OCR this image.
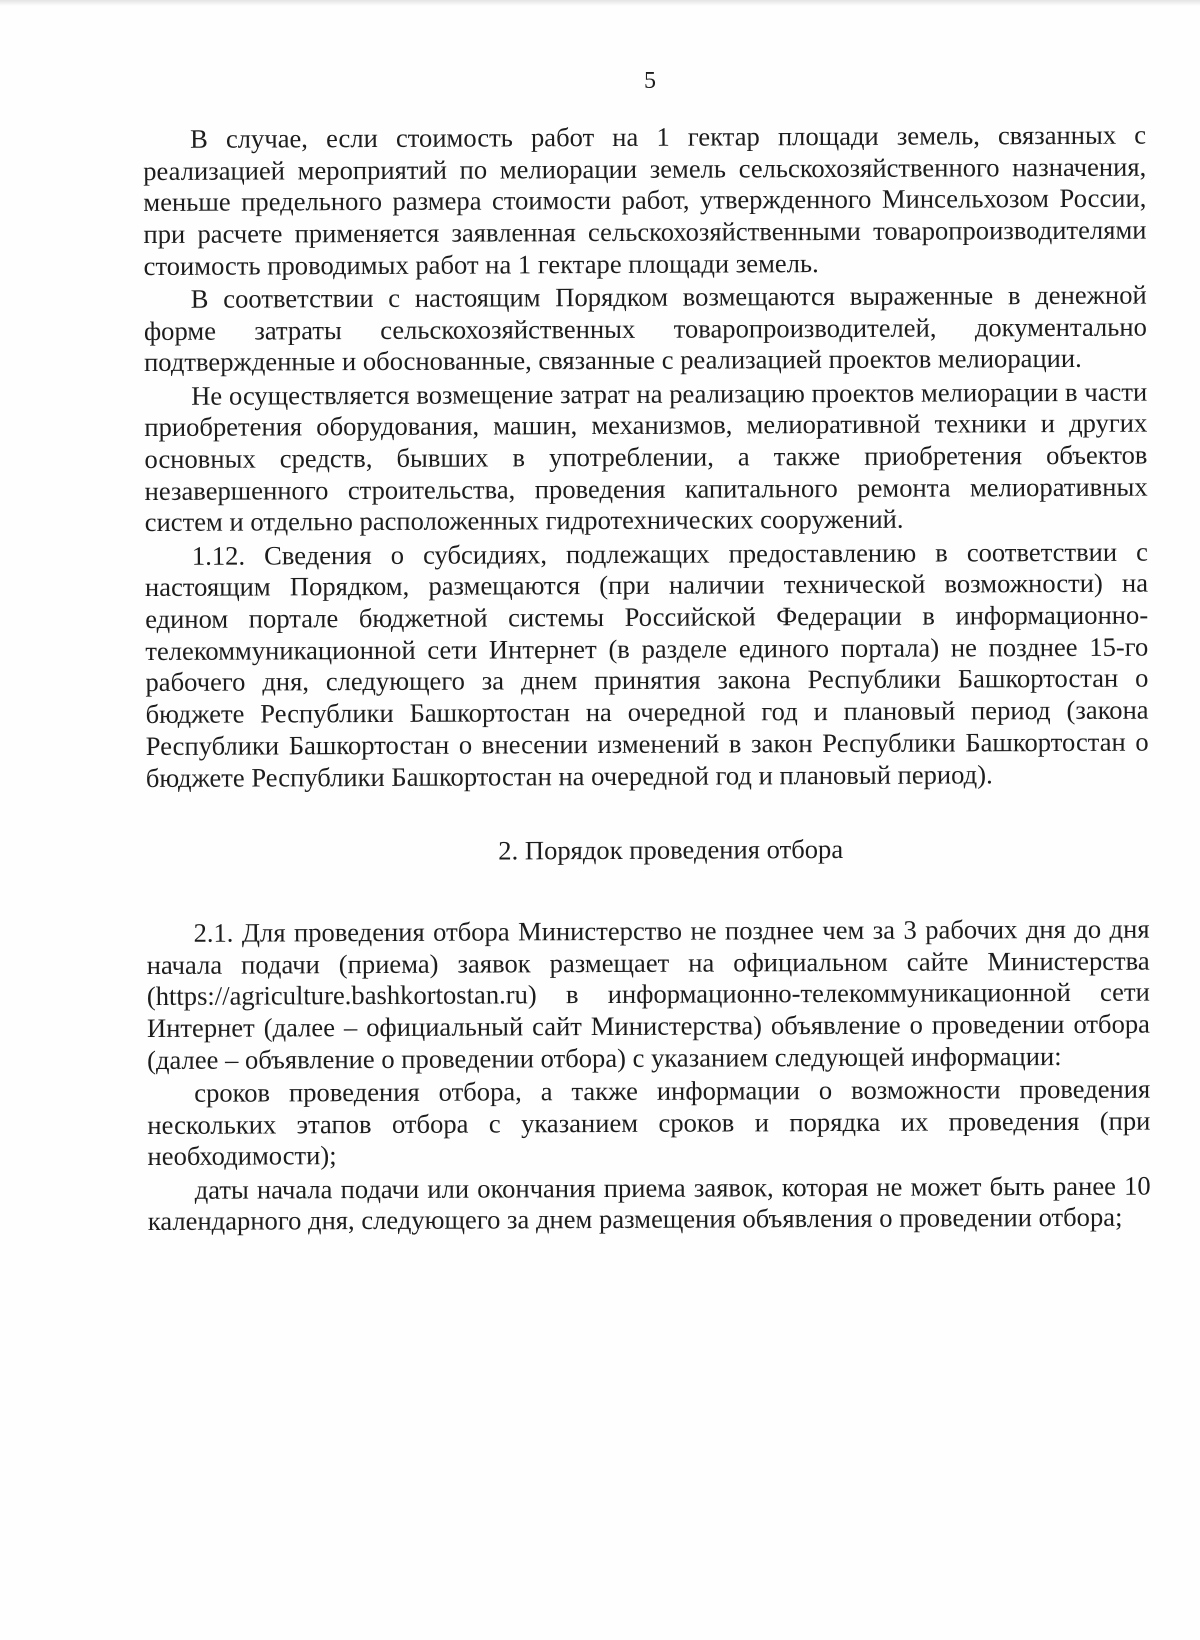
5

В случае, если стоимость работ на 1 гектар площади земель, связанных с реализацией мероприятий по мелиорации земель сельскохозяйственного назначения, меньше предельного размера стоимости работ, утвержденного Минсельхозом России, при расчете применяется заявленная сельскохозяйственными товаропроизводителями стоимость проводимых работ на 1 гектаре площади земель.

В соответствии с настоящим Порядком возмещаются выраженные в денежной форме затраты сельскохозяйственных товаропроизводителей, документально подтвержденные и обоснованные, связанные с реализацией проектов мелиорации.

Не осуществляется возмещение затрат на реализацию проектов мелиорации в части приобретения оборудования, машин, механизмов, мелиоративной техники и других основных средств, бывших в употреблении, а также приобретения объектов незавершенного строительства, проведения капитального ремонта мелиоративных систем и отдельно расположенных гидротехнических сооружений.

1.12. Сведения о субсидиях, подлежащих предоставлению в соответствии с настоящим Порядком, размещаются (при наличии технической возможности) на едином портале бюджетной системы Российской Федерации в информационно-телекоммуникационной сети Интернет (в разделе единого портала) не позднее 15-го рабочего дня, следующего за днем принятия закона Республики Башкортостан о бюджете Республики Башкортостан на очередной год и плановый период (закона Республики Башкортостан о внесении изменений в закон Республики Башкортостан о бюджете Республики Башкортостан на очередной год и плановый период).

2. Порядок проведения отбора

2.1. Для проведения отбора Министерство не позднее чем за 3 рабочих дня до дня начала подачи (приема) заявок размещает на официальном сайте Министерства (https://agriculture.bashkortostan.ru) в информационно-телекоммуникационной сети Интернет (далее – официальный сайт Министерства) объявление о проведении отбора (далее – объявление о проведении отбора) с указанием следующей информации:

сроков проведения отбора, а также информации о возможности проведения нескольких этапов отбора с указанием сроков и порядка их проведения (при необходимости);

даты начала подачи или окончания приема заявок, которая не может быть ранее 10 календарного дня, следующего за днем размещения объявления о проведении отбора;
